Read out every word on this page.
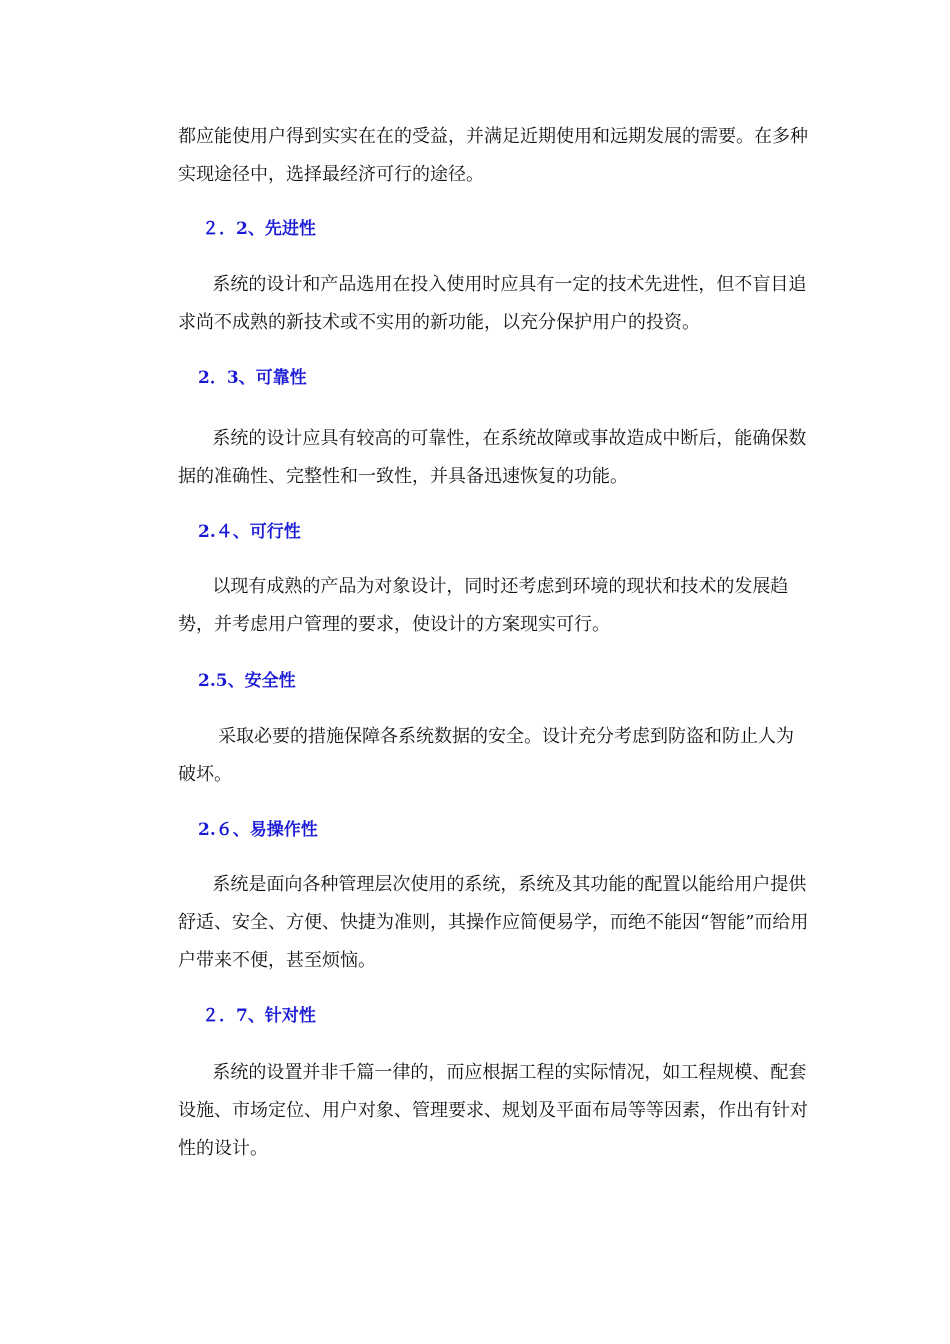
都应能使用户得到实实在在的受益，并满足近期使用和远期发展的需要。在多种实现途径中，选择最经济可行的途径。

２．2、先进性

系统的设计和产品选用在投入使用时应具有一定的技术先进性，但不盲目追求尚不成熟的新技术或不实用的新功能，以充分保护用户的投资。

2．3、可靠性

系统的设计应具有较高的可靠性，在系统故障或事故造成中断后，能确保数据的准确性、完整性和一致性，并具备迅速恢复的功能。

2.４、可行性

以现有成熟的产品为对象设计，同时还考虑到环境的现状和技术的发展趋势，并考虑用户管理的要求，使设计的方案现实可行。

2.5、安全性

采取必要的措施保障各系统数据的安全。设计充分考虑到防盗和防止人为破坏。

2.６、易操作性

系统是面向各种管理层次使用的系统，系统及其功能的配置以能给用户提供舒适、安全、方便、快捷为准则，其操作应简便易学，而绝不能因“智能”而给用户带来不便，甚至烦恼。

２．7、针对性

系统的设置并非千篇一律的，而应根据工程的实际情况，如工程规模、配套设施、市场定位、用户对象、管理要求、规划及平面布局等等因素，作出有针对性的设计。
